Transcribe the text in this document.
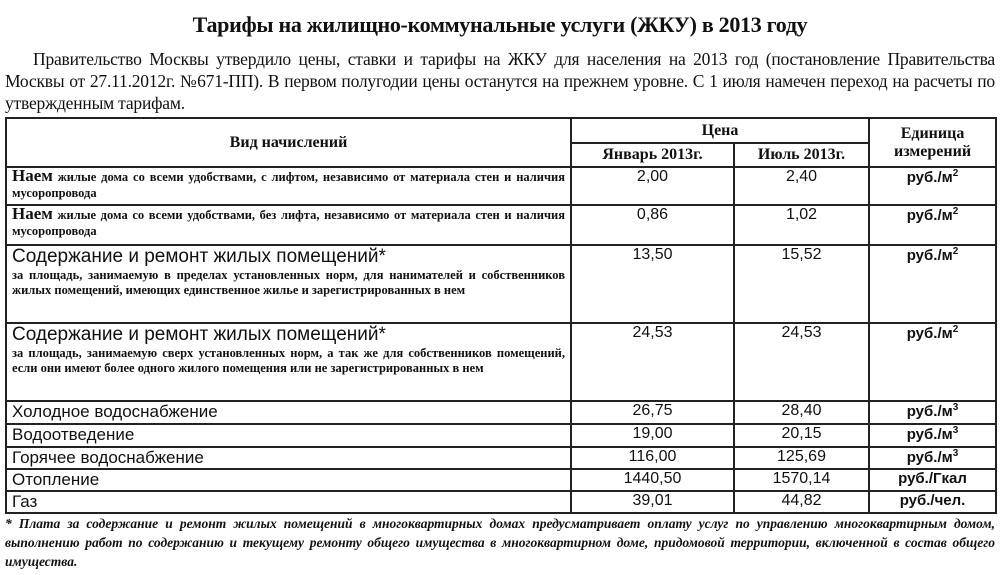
Тарифы на жилищно-коммунальные услуги (ЖКУ) в 2013 году
Правительство Москвы утвердило цены, ставки и тарифы на ЖКУ для населения на 2013 год (постановление Правительства Москвы от 27.11.2012г. №671-ПП). В первом полугодии цены останутся на прежнем уровне. С 1 июля намечен переход на расчеты по утвержденным тарифам.
Вид начислений	Цена		Единица измерений
	Январь 2013г.	Июль 2013г.	

Наем жилые дома со всеми удобствами, с лифтом, независимо от материала стен и наличия мусоропровода	2,00	2,40	$руб./м^2$

Наем жилые дома со всеми удобствами, без лифта, независимо от материала стен и наличия мусоропровода	0,86	1,02	$руб./м^2$

Содержание и ремонт жилых помещений*
за площадь, занимаемую в пределах установленных норм, для нанимателей и собственников жилых помещений, имеющих единственное жилье и зарегистрированных в нем	13,50	15,52	$руб./м^2$

Содержание и ремонт жилых помещений*
за площадь, занимаемую сверх установленных норм, а так же для собственников помещений, если они имеют более одного жилого помещения или не зарегистрированных в нем	24,53	24,53	$руб./м^2$
Холодное водоснабжение	26,75	28,40	$руб./м^3$
Водоотведение	19,00	20,15	$руб./м^3$
Горячее водоснабжение	116,00	125,69	$руб./м^3$
Отопление	1440,50	1570,14	руб./Гкал
Газ	39,01	44,82	руб./чел.
* Плата за содержание и ремонт жилых помещений в многоквартирных домах предусматривает оплату услуг по управлению многоквартирным домом, выполнению работ по содержанию и текущему ремонту общего имущества в многоквартирном доме, придомовой территории, включенной в состав общего имущества.
